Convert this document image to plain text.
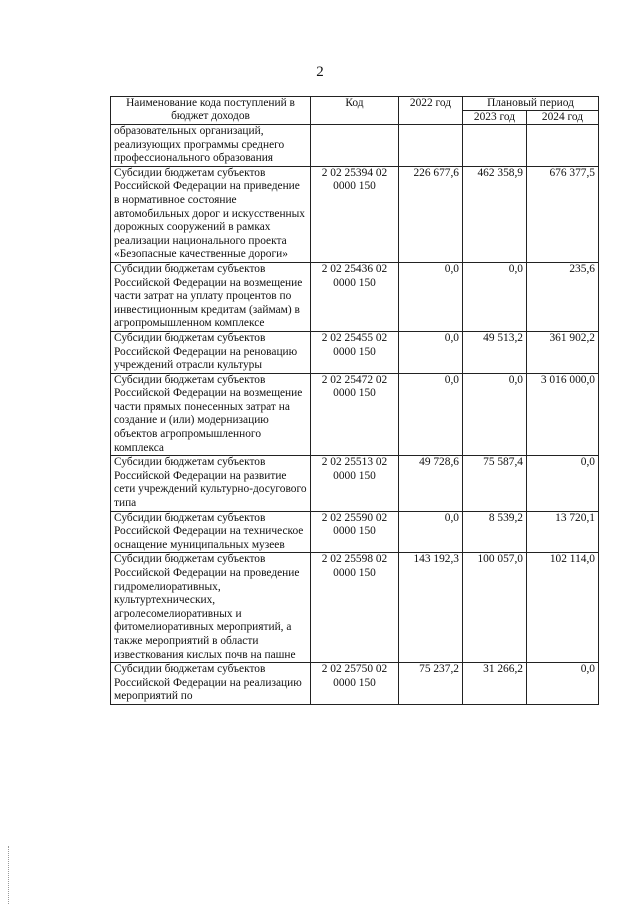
2
Наименование кода поступлений в бюджет доходов	Код	2022 год	Плановый период	
			2023 год	2024 год
образовательных организаций, реализующих программы среднего профессионального образования				
Субсидии бюджетам субъектов Российской Федерации на приведение в нормативное состояние автомобильных дорог и искусственных дорожных сооружений в рамках реализации национального проекта «Безопасные качественные дороги»	2 02 25394 02 0000 150	226 677,6	462 358,9	676 377,5
Субсидии бюджетам субъектов Российской Федерации на возмещение части затрат на уплату процентов по инвестиционным кредитам (займам) в агропромышленном комплексе	2 02 25436 02 0000 150	0,0	0,0	235,6
Субсидии бюджетам субъектов Российской Федерации на реновацию учреждений отрасли культуры	2 02 25455 02 0000 150	0,0	49 513,2	361 902,2
Субсидии бюджетам субъектов Российской Федерации на возмещение части прямых понесенных затрат на создание и (или) модернизацию объектов агропромышленного комплекса	2 02 25472 02 0000 150	0,0	0,0	3 016 000,0
Субсидии бюджетам субъектов Российской Федерации на развитие сети учреждений культурно-досугового типа	2 02 25513 02 0000 150	49 728,6	75 587,4	0,0
Субсидии бюджетам субъектов Российской Федерации на техническое оснащение муниципальных музеев	2 02 25590 02 0000 150	0,0	8 539,2	13 720,1
Субсидии бюджетам субъектов Российской Федерации на проведение гидромелиоративных, культуртехнических, агролесомелиоративных и фитомелиоративных мероприятий, а также мероприятий в области известкования кислых почв на пашне	2 02 25598 02 0000 150	143 192,3	100 057,0	102 114,0
Субсидии бюджетам субъектов Российской Федерации на реализацию мероприятий по	2 02 25750 02 0000 150	75 237,2	31 266,2	0,0
